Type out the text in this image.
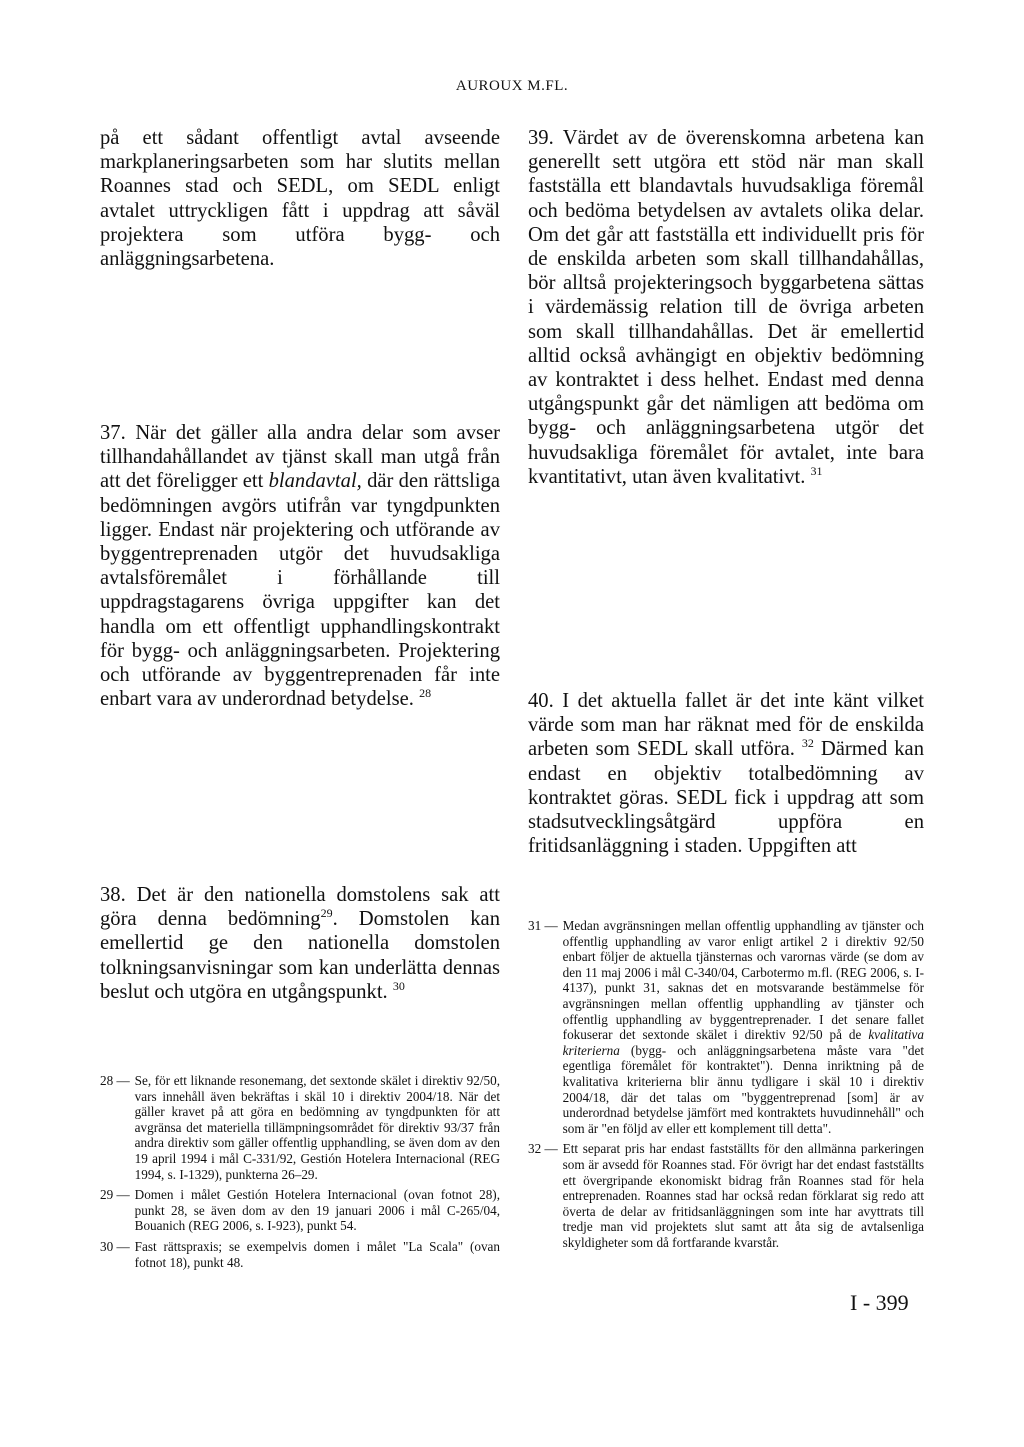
AUROUX M.FL.

på ett sådant offentligt avtal avseende markplaneringsarbeten som har slutits mellan Roannes stad och SEDL, om SEDL enligt avtalet uttryckligen fått i uppdrag att såväl projektera som utföra bygg- och anläggningsarbetena.

37. När det gäller alla andra delar som avser tillhandahållandet av tjänst skall man utgå från att det föreligger ett blandavtal, där den rättsliga bedömningen avgörs utifrån var tyngdpunkten ligger. Endast när projektering och utförande av byggentreprenaden utgör det huvudsakliga avtalsföremålet i förhållande till uppdragstagarens övriga uppgifter kan det handla om ett offentligt upphandlingskontrakt för bygg- och anläggningsarbeten. Projektering och utförande av byggentreprenaden får inte enbart vara av underordnad betydelse. $^{28}$

38. Det är den nationella domstolens sak att göra denna bedömning$^{29}$. Domstolen kan emellertid ge den nationella domstolen tolkningsanvisningar som kan underlätta dennas beslut och utgöra en utgångspunkt. $^{30}$

28 — Se, för ett liknande resonemang, det sextonde skälet i direktiv 92/50, vars innehåll även bekräftas i skäl 10 i direktiv 2004/18. När det gäller kravet på att göra en bedömning av tyngdpunkten för att avgränsa det materiella tillämpningsområdet för direktiv 93/37 från andra direktiv som gäller offentlig upphandling, se även dom av den 19 april 1994 i mål C-331/92, Gestión Hotelera Internacional (REG 1994, s. I-1329), punkterna 26–29.
29 — Domen i målet Gestión Hotelera Internacional (ovan fotnot 28), punkt 28, se även dom av den 19 januari 2006 i mål C-265/04, Bouanich (REG 2006, s. I-923), punkt 54.
30 — Fast rättspraxis; se exempelvis domen i målet "La Scala" (ovan fotnot 18), punkt 48.

39. Värdet av de överenskomna arbetena kan generellt sett utgöra ett stöd när man skall fastställa ett blandavtals huvudsakliga föremål och bedöma betydelsen av avtalets olika delar. Om det går att fastställa ett individuellt pris för de enskilda arbeten som skall tillhandahållas, bör alltså projekteringsoch byggarbetena sättas i värdemässig relation till de övriga arbeten som skall tillhandahållas. Det är emellertid alltid också avhängigt en objektiv bedömning av kontraktet i dess helhet. Endast med denna utgångspunkt går det nämligen att bedöma om bygg- och anläggningsarbetena utgör det huvudsakliga föremålet för avtalet, inte bara kvantitativt, utan även kvalitativt. $^{31}$

40. I det aktuella fallet är det inte känt vilket värde som man har räknat med för de enskilda arbeten som SEDL skall utföra. $^{32}$ Därmed kan endast en objektiv totalbedömning av kontraktet göras. SEDL fick i uppdrag att som stadsutvecklingsåtgärd uppföra en fritidsanläggning i staden. Uppgiften att

31 — Medan avgränsningen mellan offentlig upphandling av tjänster och offentlig upphandling av varor enligt artikel 2 i direktiv 92/50 enbart följer de aktuella tjänsternas och varornas värde (se dom av den 11 maj 2006 i mål C-340/04, Carbotermo m.fl. (REG 2006, s. I-4137), punkt 31, saknas det en motsvarande bestämmelse för avgränsningen mellan offentlig upphandling av tjänster och offentlig upphandling av byggentreprenader. I det senare fallet fokuserar det sextonde skälet i direktiv 92/50 på de kvalitativa kriterierna (bygg- och anläggningsarbetena måste vara "det egentliga föremålet för kontraktet"). Denna inriktning på de kvalitativa kriterierna blir ännu tydligare i skäl 10 i direktiv 2004/18, där det talas om "byggentreprenad [som] är av underordnad betydelse jämfört med kontraktets huvudinnehåll" och som är "en följd av eller ett komplement till detta".
32 — Ett separat pris har endast fastställts för den allmänna parkeringen som är avsedd för Roannes stad. För övrigt har det endast fastställts ett övergripande ekonomiskt bidrag från Roannes stad för hela entreprenaden. Roannes stad har också redan förklarat sig redo att överta de delar av fritidsanläggningen som inte har avyttrats till tredje man vid projektets slut samt att åta sig de avtalsenliga skyldigheter som då fortfarande kvarstår.
I - 399
